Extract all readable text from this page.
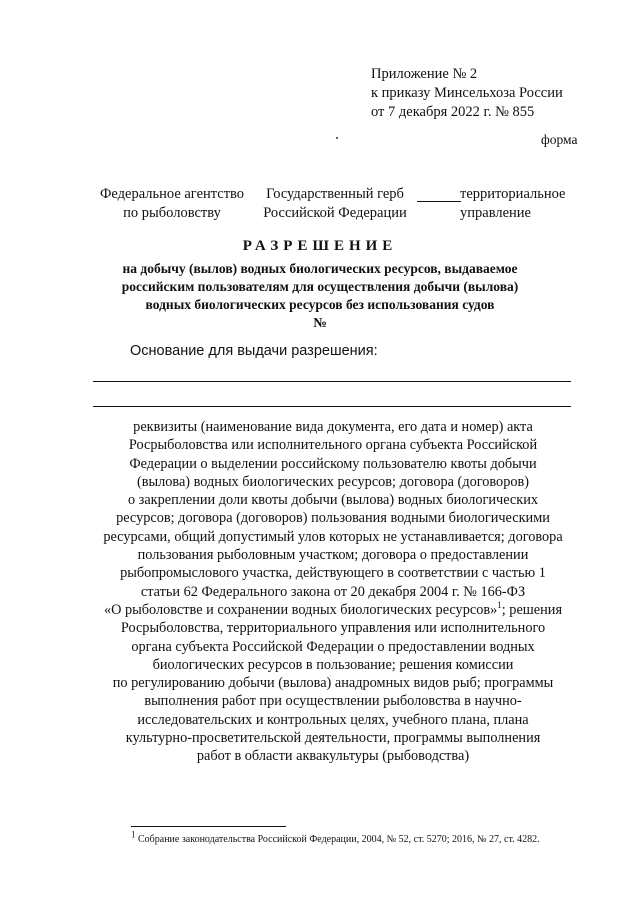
Приложение № 2
к приказу Минсельхоза России
от 7 декабря 2022 г. № 855
форма
Федеральное агентство
по рыболовству
Государственный герб
Российской Федерации
территориальное
управление
РАЗРЕШЕНИЕ
на добычу (вылов) водных биологических ресурсов, выдаваемое
российским пользователям для осуществления добычи (вылова)
водных биологических ресурсов без использования судов
№
Основание для выдачи разрешения:
реквизиты (наименование вида документа, его дата и номер) акта
Росрыболовства или исполнительного органа субъекта Российской
Федерации о выделении российскому пользователю квоты добычи
(вылова) водных биологических ресурсов; договора (договоров)
о закреплении доли квоты добычи (вылова) водных биологических
ресурсов; договора (договоров) пользования водными биологическими
ресурсами, общий допустимый улов которых не устанавливается; договора
пользования рыболовным участком; договора о предоставлении
рыбопромыслового участка, действующего в соответствии с частью 1
статьи 62 Федерального закона от 20 декабря 2004 г. № 166-ФЗ
«О рыболовстве и сохранении водных биологических ресурсов»$^1$; решения
Росрыболовства, территориального управления или исполнительного
органа субъекта Российской Федерации о предоставлении водных
биологических ресурсов в пользование; решения комиссии
по регулированию добычи (вылова) анадромных видов рыб; программы
выполнения работ при осуществлении рыболовства в научно-
исследовательских и контрольных целях, учебного плана, плана
культурно-просветительской деятельности, программы выполнения
работ в области аквакультуры (рыбоводства)
$^1$ Собрание законодательства Российской Федерации, 2004, № 52, ст. 5270; 2016, № 27, ст. 4282.
